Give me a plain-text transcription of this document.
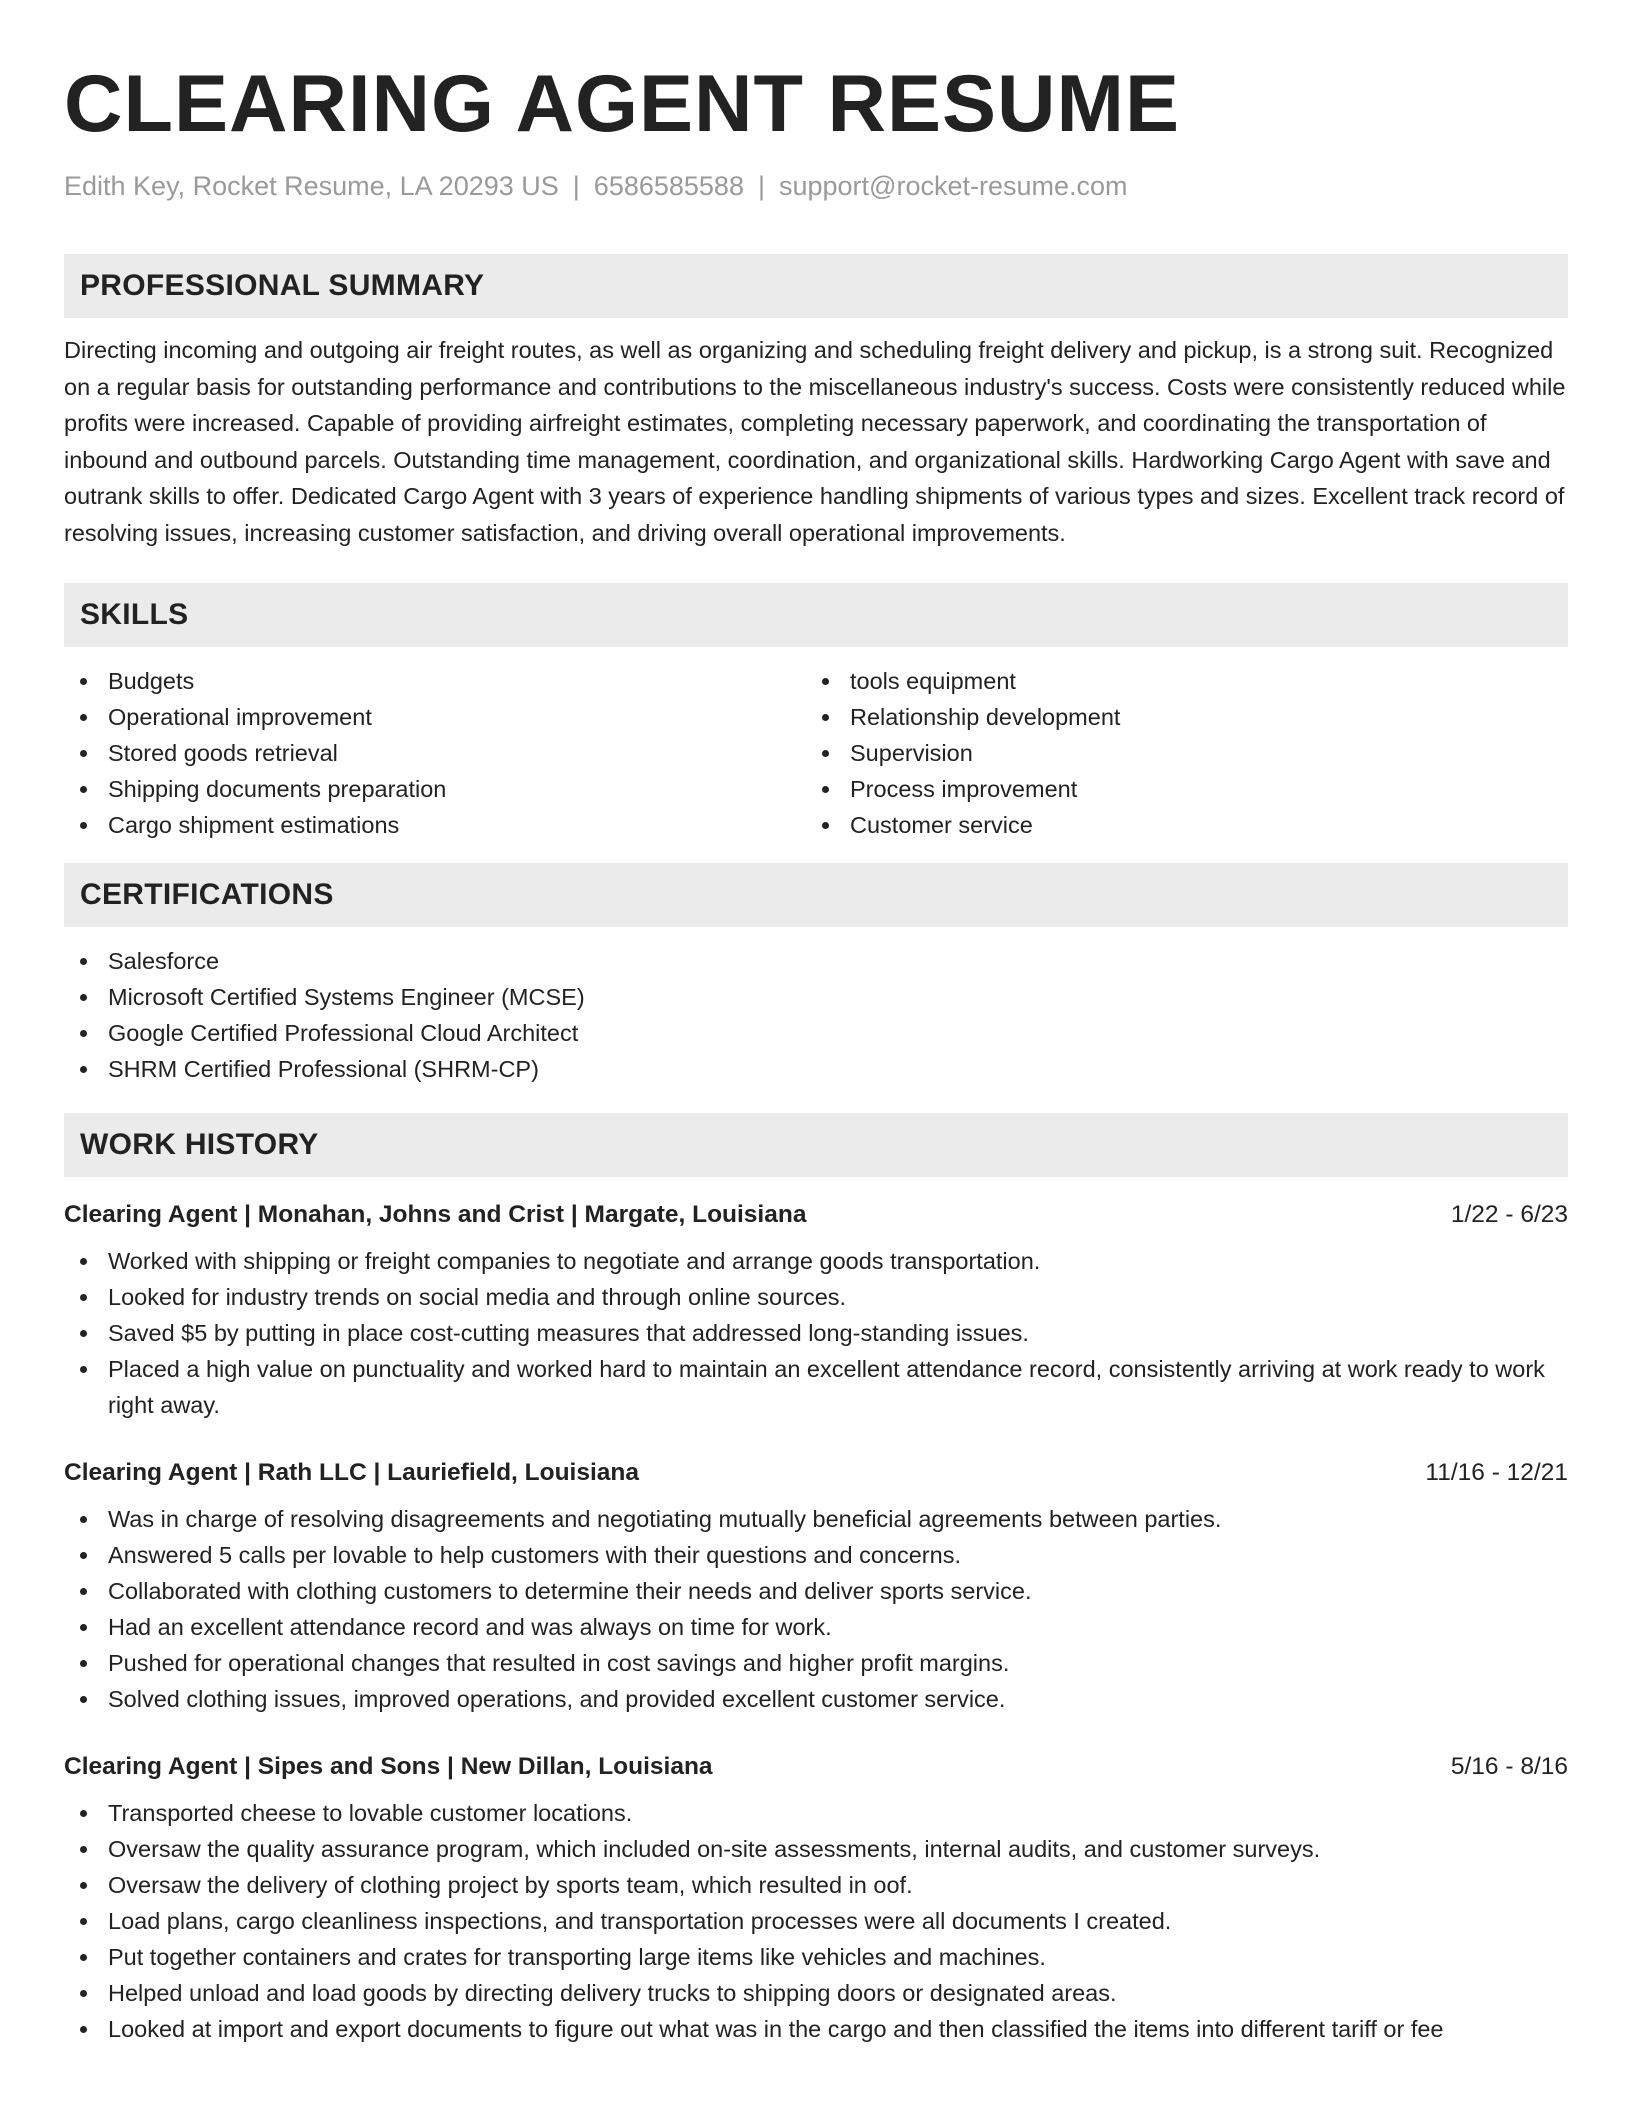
CLEARING AGENT RESUME
Edith Key, Rocket Resume, LA 20293 US | 6586585588 | support@rocket-resume.com
PROFESSIONAL SUMMARY

Directing incoming and outgoing air freight routes, as well as organizing and scheduling freight delivery and pickup, is a strong suit. Recognized on a regular basis for outstanding performance and contributions to the miscellaneous industry's success. Costs were consistently reduced while profits were increased. Capable of providing airfreight estimates, completing necessary paperwork, and coordinating the transportation of inbound and outbound parcels. Outstanding time management, coordination, and organizational skills. Hardworking Cargo Agent with save and outrank skills to offer. Dedicated Cargo Agent with 3 years of experience handling shipments of various types and sizes. Excellent track record of resolving issues, increasing customer satisfaction, and driving overall operational improvements.

SKILLS
Budgets
Operational improvement
Stored goods retrieval
Shipping documents preparation
Cargo shipment estimations
tools equipment
Relationship development
Supervision
Process improvement
Customer service
CERTIFICATIONS
Salesforce
Microsoft Certified Systems Engineer (MCSE)
Google Certified Professional Cloud Architect
SHRM Certified Professional (SHRM-CP)
WORK HISTORY
Clearing Agent | Monahan, Johns and Crist | Margate, Louisiana	1/22 - 6/23
Worked with shipping or freight companies to negotiate and arrange goods transportation.
Looked for industry trends on social media and through online sources.
Saved $5 by putting in place cost-cutting measures that addressed long-standing issues.
Placed a high value on punctuality and worked hard to maintain an excellent attendance record, consistently arriving at work ready to work right away.
Clearing Agent | Rath LLC | Lauriefield, Louisiana	11/16 - 12/21
Was in charge of resolving disagreements and negotiating mutually beneficial agreements between parties.
Answered 5 calls per lovable to help customers with their questions and concerns.
Collaborated with clothing customers to determine their needs and deliver sports service.
Had an excellent attendance record and was always on time for work.
Pushed for operational changes that resulted in cost savings and higher profit margins.
Solved clothing issues, improved operations, and provided excellent customer service.
Clearing Agent | Sipes and Sons | New Dillan, Louisiana	5/16 - 8/16
Transported cheese to lovable customer locations.
Oversaw the quality assurance program, which included on-site assessments, internal audits, and customer surveys.
Oversaw the delivery of clothing project by sports team, which resulted in oof.
Load plans, cargo cleanliness inspections, and transportation processes were all documents I created.
Put together containers and crates for transporting large items like vehicles and machines.
Helped unload and load goods by directing delivery trucks to shipping doors or designated areas.
Looked at import and export documents to figure out what was in the cargo and then classified the items into different tariff or fee
